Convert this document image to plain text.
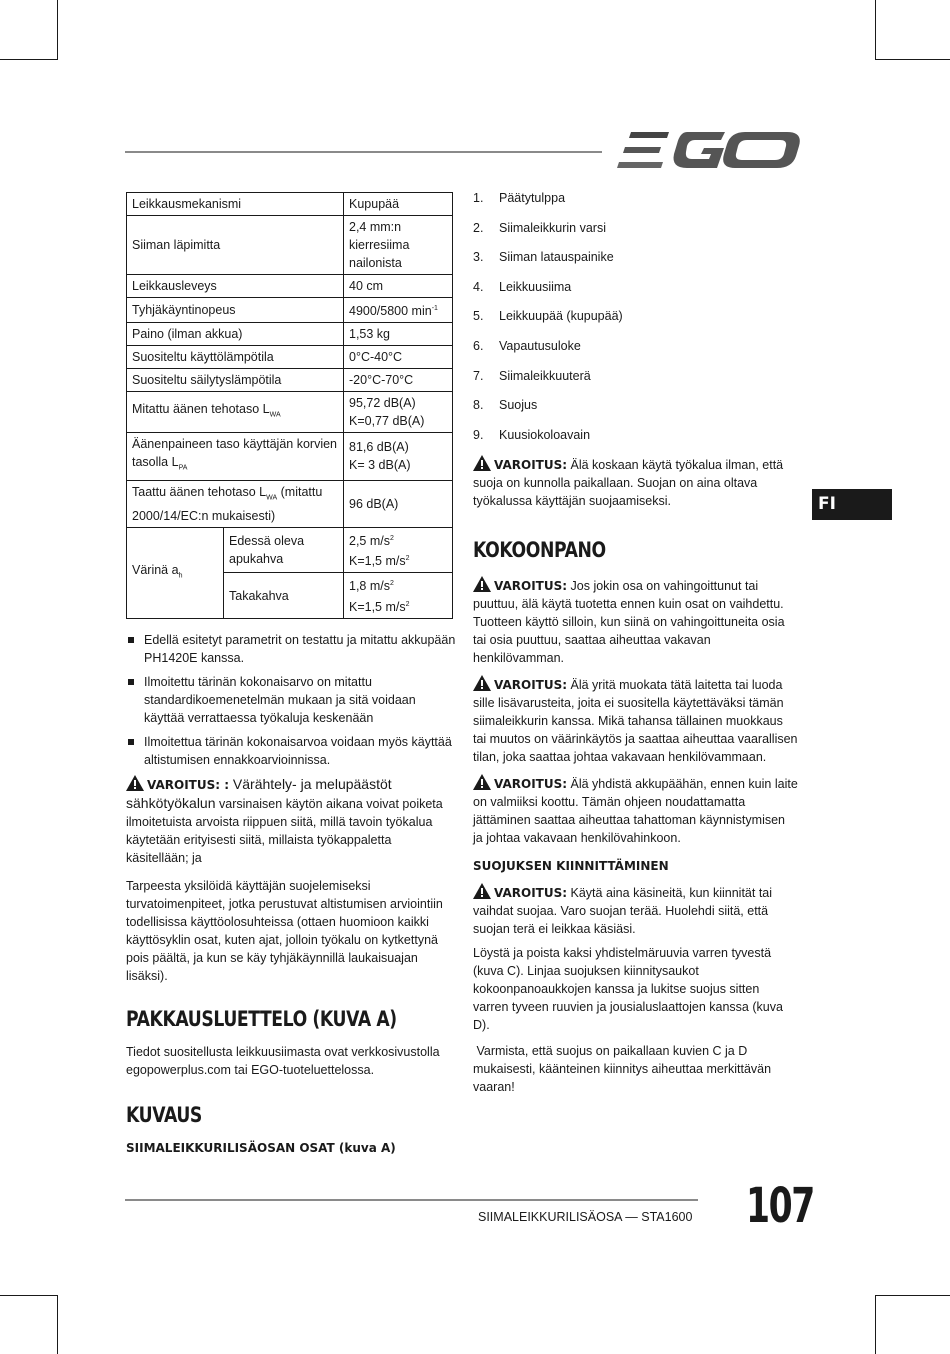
FI
Leikkausmekanismi		Kupupää
Siiman läpimitta		2,4 mm:n kierresiima nailonista
Leikkausleveys		40 cm
Tyhjäkäyntinopeus		4900/5800 $\min^{-1}$
Paino (ilman akkua)		1,53 kg
Suositeltu käyttölämpötila		0°C-40°C
Suositeltu säilytyslämpötila		-20°C-70°C
Mitattu äänen tehotaso $L_{WA}$		95,72 dB(A)
K=0,77 dB(A)
Äänenpaineen taso käyttäjän korvien tasolla $L_{PA}$		81,6 dB(A)
K= 3 dB(A)
Taattu äänen tehotaso $L_{WA}$ (mitattu 2000/14/EC:n mukaisesti)		96 dB(A)
Värinä $a_h$	Edessä oleva apukahva	2,5 $m/s^2$
K=1,5 $m/s^2$
	Takakahva	1,8 $m/s^2$
K=1,5 $m/s^2$
Edellä esitetyt parametrit on testattu ja mitattu akkupään PH1420E kanssa.
Ilmoitettu tärinän kokonaisarvo on mitattu standardikoemenetelmän mukaan ja sitä voidaan käyttää verrattaessa työkaluja keskenään
Ilmoitettua tärinän kokonaisarvoa voidaan myös käyttää altistumisen ennakkoarvioinnissa.

VAROITUS: : Värähtely- ja melupäästöt sähkötyökalun varsinaisen käytön aikana voivat poiketa ilmoitetuista arvoista riippuen siitä, millä tavoin työkalua käytetään erityisesti siitä, millaista työkappaletta käsitellään; ja

Tarpeesta yksilöidä käyttäjän suojelemiseksi turvatoimenpiteet, jotka perustuvat altistumisen arviointiin todellisissa käyttöolosuhteissa (ottaen huomioon kaikki käyttösyklin osat, kuten ajat, jolloin työkalu on kytkettynä pois päältä, ja kun se käy tyhjäkäynnillä laukaisuajan lisäksi).

PAKKAUSLUETTELO (KUVA A)

Tiedot suositellusta leikkuusiimasta ovat verkkosivustolla egopowerplus.com tai EGO-tuoteluettelossa.

KUVAUS
SIIMALEIKKURILISÄOSAN OSAT (kuva A)
1. Päätytulppa
2. Siimaleikkurin varsi
3. Siiman latauspainike
4. Leikkuusiima
5. Leikkuupää (kupupää)
6. Vapautusuloke
7. Siimaleikkuuterä
8. Suojus
9. Kuusiokoloavain

VAROITUS: Älä koskaan käytä työkalua ilman, että suoja on kunnolla paikallaan. Suojan on aina oltava työkalussa käyttäjän suojaamiseksi.

KOKOONPANO

VAROITUS: Jos jokin osa on vahingoittunut tai puuttuu, älä käytä tuotetta ennen kuin osat on vaihdettu. Tuotteen käyttö silloin, kun siinä on vahingoittuneita osia tai osia puuttuu, saattaa aiheuttaa vakavan henkilövamman.

VAROITUS: Älä yritä muokata tätä laitetta tai luoda sille lisävarusteita, joita ei suositella käytettäväksi tämän siimaleikkurin kanssa. Mikä tahansa tällainen muokkaus tai muutos on väärinkäytös ja saattaa aiheuttaa vaarallisen tilan, joka saattaa johtaa vakavaan henkilövammaan.

VAROITUS: Älä yhdistä akkupäähän, ennen kuin laite on valmiiksi koottu. Tämän ohjeen noudattamatta jättäminen saattaa aiheuttaa tahattoman käynnistymisen ja johtaa vakavaan henkilövahinkoon.

SUOJUKSEN KIINNITTÄMINEN

VAROITUS: Käytä aina käsineitä, kun kiinnität tai vaihdat suojaa. Varo suojan terää. Huolehdi siitä, että suojan terä ei leikkaa käsiäsi.

Löystä ja poista kaksi yhdistelmäruuvia varren tyvestä (kuva C). Linjaa suojuksen kiinnitysaukot kokoonpanoaukkojen kanssa ja lukitse suojus sitten varren tyveen ruuvien ja jousialuslaattojen kanssa (kuva D).

Varmista, että suojus on paikallaan kuvien C ja D mukaisesti, käänteinen kiinnitys aiheuttaa merkittävän vaaran!

SIIMALEIKKURILISÄOSA — STA1600 107
